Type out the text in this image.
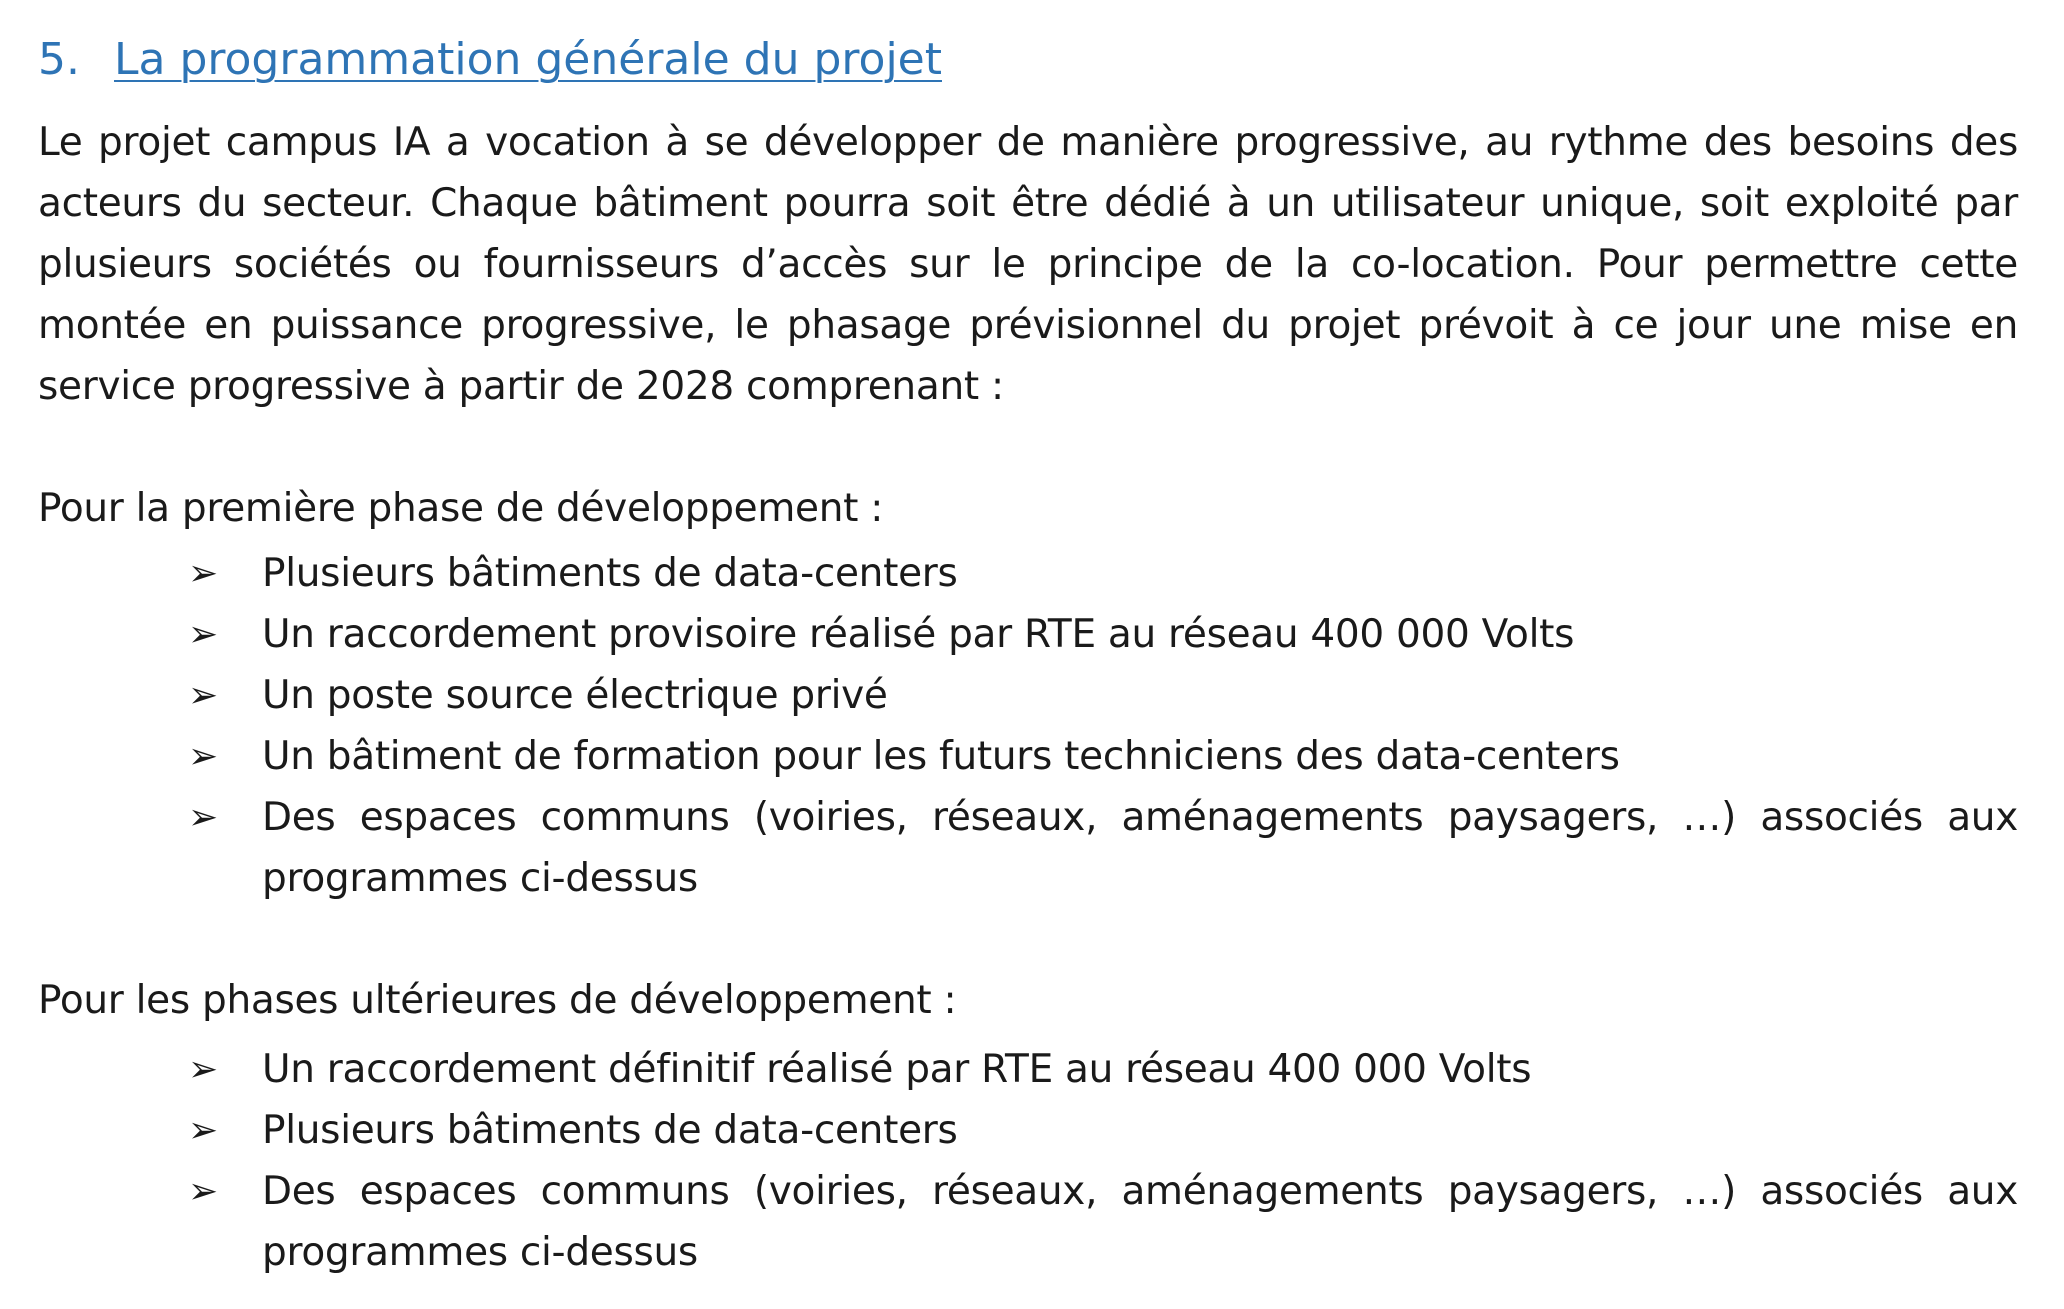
5. La programmation générale du projet

Le projet campus IA a vocation à se développer de manière progressive, au rythme des besoins des acteurs du secteur. Chaque bâtiment pourra soit être dédié à un utilisateur unique, soit exploité par plusieurs sociétés ou fournisseurs d’accès sur le principe de la co-location. Pour permettre cette montée en puissance progressive, le phasage prévisionnel du projet prévoit à ce jour une mise en service progressive à partir de 2028 comprenant :

Pour la première phase de développement :

➢	Plusieurs bâtiments de data-centers
➢	Un raccordement provisoire réalisé par RTE au réseau 400 000 Volts
➢	Un poste source électrique privé
➢	Un bâtiment de formation pour les futurs techniciens des data-centers
➢	Des espaces communs (voiries, réseaux, aménagements paysagers, …) associés aux programmes ci-dessus

Pour les phases ultérieures de développement :

➢	Un raccordement définitif réalisé par RTE au réseau 400 000 Volts
➢	Plusieurs bâtiments de data-centers
➢	Des espaces communs (voiries, réseaux, aménagements paysagers, …) associés aux programmes ci-dessus
